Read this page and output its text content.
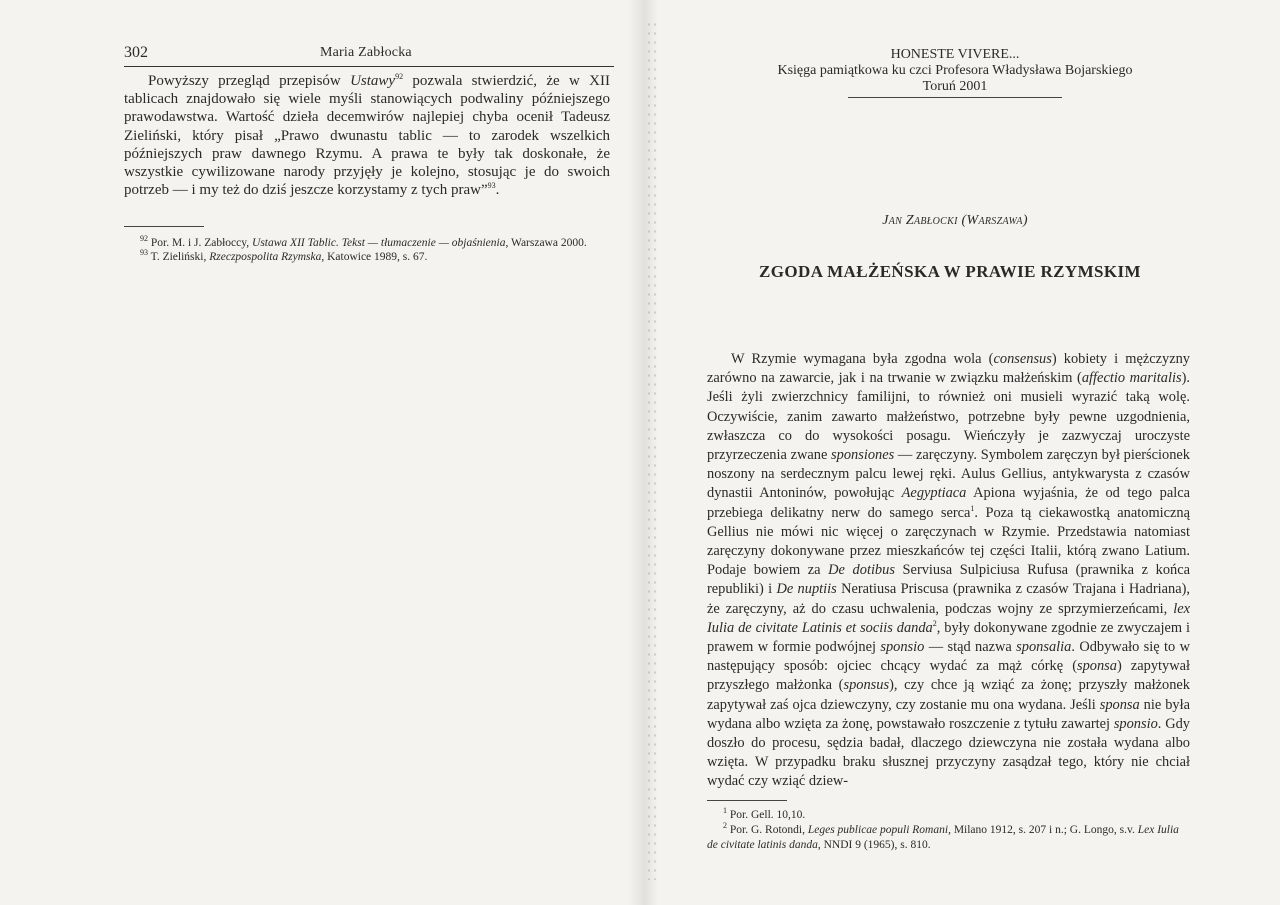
302	Maria Zabłocka

Powyższy przegląd przepisów Ustawy$^{92}$ pozwala stwierdzić, że w XII tablicach znajdowało się wiele myśli stanowiących podwaliny późniejszego prawodawstwa. Wartość dzieła decemwirów najlepiej chyba ocenił Tadeusz Zieliński, który pisał „Prawo dwunastu tablic — to zarodek wszelkich późniejszych praw dawnego Rzymu. A prawa te były tak doskonałe, że wszystkie cywilizowane narody przyjęły je kolejno, stosując je do swoich potrzeb — i my też do dziś jeszcze korzystamy z tych praw”$^{93}$.

$^{92}$ Por. M. i J. Zabłoccy, Ustawa XII Tablic. Tekst — tłumaczenie — objaśnienia, Warszawa 2000.

$^{93}$ T. Zieliński, Rzeczpospolita Rzymska, Katowice 1989, s. 67.

HONESTE VIVERE...
Księga pamiątkowa ku czci Profesora Władysława Bojarskiego
Toruń 2001
Jan Zabłocki (Warszawa)
ZGODA MAŁŻEŃSKA W PRAWIE RZYMSKIM

W Rzymie wymagana była zgodna wola (consensus) kobiety i mężczyzny zarówno na zawarcie, jak i na trwanie w związku małżeńskim (affectio maritalis). Jeśli żyli zwierzchnicy familijni, to również oni musieli wyrazić taką wolę. Oczywiście, zanim zawarto małżeństwo, potrzebne były pewne uzgodnienia, zwłaszcza co do wysokości posagu. Wieńczyły je zazwyczaj uroczyste przyrzeczenia zwane sponsiones — zaręczyny. Symbolem zaręczyn był pierścionek noszony na serdecznym palcu lewej ręki. Aulus Gellius, antykwarysta z czasów dynastii Antoninów, powołując Aegyptiaca Apiona wyjaśnia, że od tego palca przebiega delikatny nerw do samego serca$^1$. Poza tą ciekawostką anatomiczną Gellius nie mówi nic więcej o zaręczynach w Rzymie. Przedstawia natomiast zaręczyny dokonywane przez mieszkańców tej części Italii, którą zwano Latium. Podaje bowiem za De dotibus Serviusa Sulpiciusa Rufusa (prawnika z końca republiki) i De nuptiis Neratiusa Priscusa (prawnika z czasów Trajana i Hadriana), że zaręczyny, aż do czasu uchwalenia, podczas wojny ze sprzymierzeńcami, lex Iulia de civitate Latinis et sociis danda$^2$, były dokonywane zgodnie ze zwyczajem i prawem w formie podwójnej sponsio — stąd nazwa sponsalia. Odbywało się to w następujący sposób: ojciec chcący wydać za mąż córkę (sponsa) zapytywał przyszłego małżonka (sponsus), czy chce ją wziąć za żonę; przyszły małżonek zapytywał zaś ojca dziewczyny, czy zostanie mu ona wydana. Jeśli sponsa nie była wydana albo wzięta za żonę, powstawało roszczenie z tytułu zawartej sponsio. Gdy doszło do procesu, sędzia badał, dlaczego dziewczyna nie została wydana albo wzięta. W przypadku braku słusznej przyczyny zasądzał tego, który nie chciał wydać czy wziąć dziew-

$^1$ Por. Gell. 10,10.

$^2$ Por. G. Rotondi, Leges publicae populi Romani, Milano 1912, s. 207 i n.; G. Longo, s.v. Lex Iulia de civitate latinis danda, NNDI 9 (1965), s. 810.
